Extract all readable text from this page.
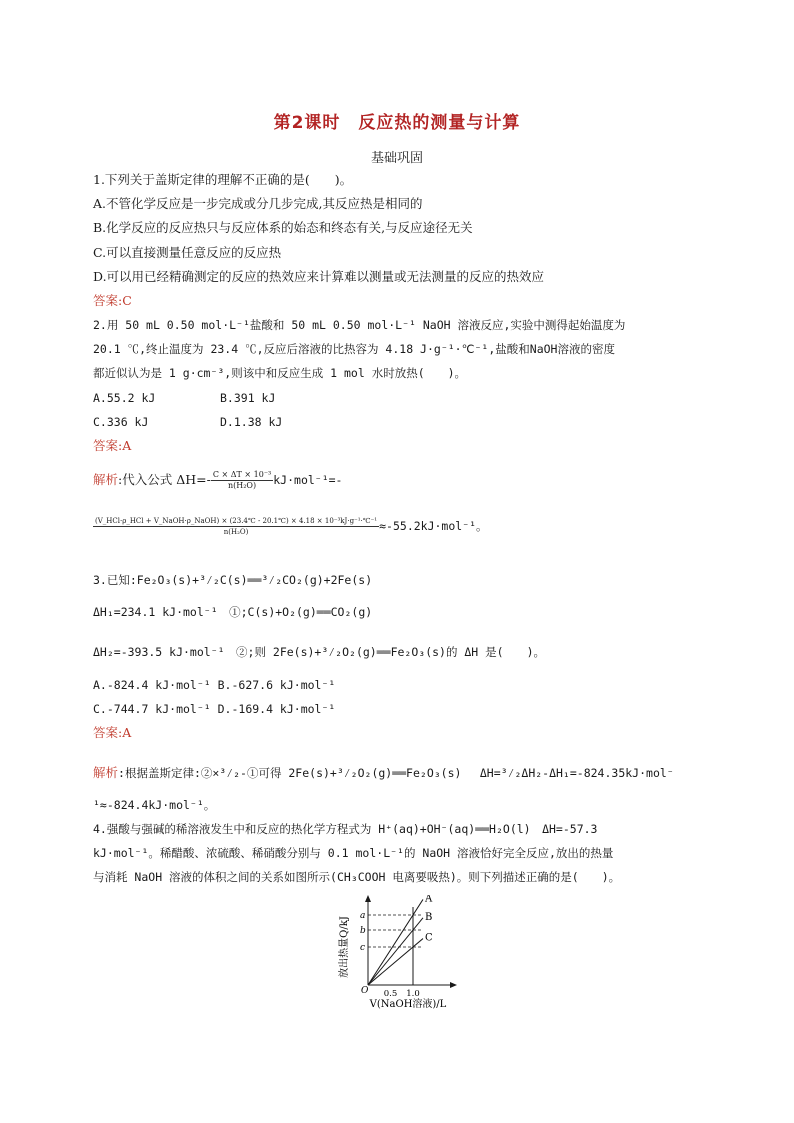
第2课时　反应热的测量与计算
基础巩固
1.下列关于盖斯定律的理解不正确的是(　　)。
A.不管化学反应是一步完成或分几步完成,其反应热是相同的
B.化学反应的反应热只与反应体系的始态和终态有关,与反应途径无关
C.可以直接测量任意反应的反应热
D.可以用已经精确测定的反应的热效应来计算难以测量或无法测量的反应的热效应
答案:C
2.用 50 mL 0.50 mol·L⁻¹盐酸和 50 mL 0.50 mol·L⁻¹ NaOH 溶液反应,实验中测得起始温度为
20.1 ℃,终止温度为 23.4 ℃,反应后溶液的比热容为 4.18 J·g⁻¹·℃⁻¹,盐酸和NaOH溶液的密度
都近似认为是 1 g·cm⁻³,则该中和反应生成 1 mol 水时放热(　　)。
A.55.2 kJ	B.391 kJ
C.336 kJ	D.1.38 kJ
答案:A
解析:代入公式 $\Delta H=- \frac{\text{C × ΔT × 10⁻³}}{\text{n(H₂O)}} kJ\cdot mol^{-1}=-$
(V_HCl·ρ_HCl + V_NaOH·ρ_NaOH) × (23.4℃ - 20.1℃) × 4.18 × 10⁻³kJ·g⁻¹·℃⁻¹
n(H₂O)	≈-55.2kJ·mol⁻¹。
3.已知:Fe₂O₃(s)+³⁄₂C(s)══³⁄₂CO₂(g)+2Fe(s)
ΔH₁=234.1 kJ·mol⁻¹　①;C(s)+O₂(g)══CO₂(g)
ΔH₂=-393.5 kJ·mol⁻¹　②;则 2Fe(s)+³⁄₂O₂(g)══Fe₂O₃(s)的 ΔH 是(　　)。
A.-824.4 kJ·mol⁻¹ B.-627.6 kJ·mol⁻¹
C.-744.7 kJ·mol⁻¹ D.-169.4 kJ·mol⁻¹
答案:A
解析:根据盖斯定律:②×³⁄₂-①可得 2Fe(s)+³⁄₂O₂(g)══Fe₂O₃(s)　 ΔH=³⁄₂ΔH₂-ΔH₁=-824.35kJ·mol⁻
¹≈-824.4kJ·mol⁻¹。
4.强酸与强碱的稀溶液发生中和反应的热化学方程式为 H⁺(aq)+OH⁻(aq)══H₂O(l)　ΔH=-57.3
kJ·mol⁻¹。稀醋酸、浓硫酸、稀硝酸分别与 0.1 mol·L⁻¹的 NaOH 溶液恰好完全反应,放出的热量
与消耗 NaOH 溶液的体积之间的关系如图所示(CH₃COOH 电离要吸热)。则下列描述正确的是(　　)。
放出热量Q/kJ
V(NaOH溶液)/L
O 0.5 1.0
a
b
c
A
B
C
